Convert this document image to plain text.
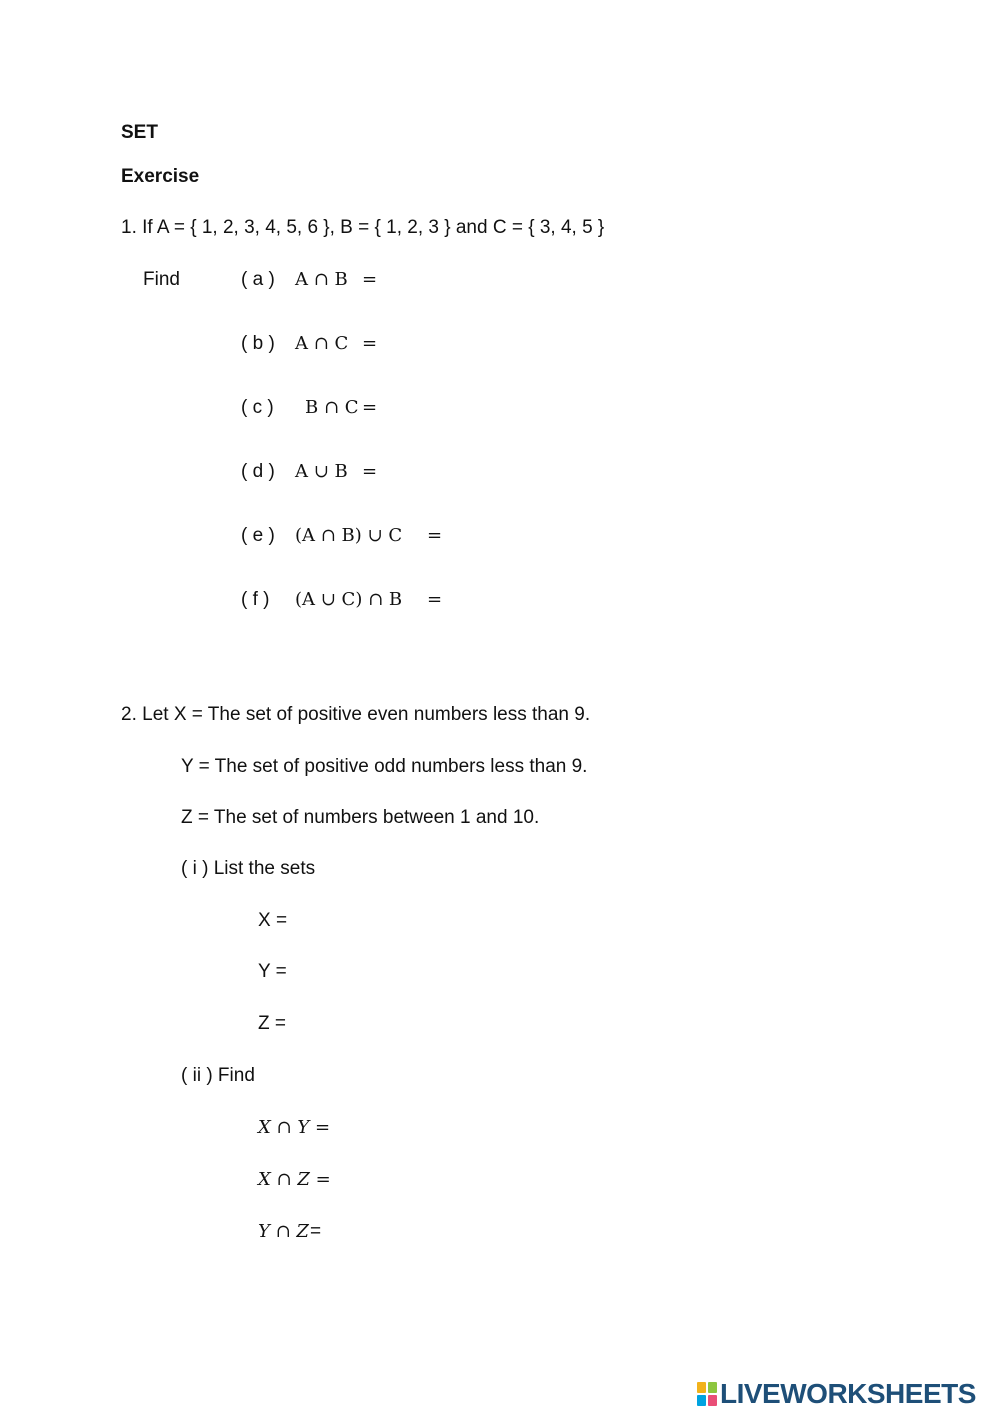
SET
Exercise
1. If A = { 1, 2, 3, 4, 5, 6 }, B = { 1, 2, 3 } and C = { 3, 4, 5 }
Find	( a ) A ∩ B =
( b ) A ∩ C =
( c ) B ∩ C =
( d ) A ∪ B =
( e ) (A ∩ B) ∪ C =
( f ) (A ∪ C) ∩ B =
2. Let X = The set of positive even numbers less than 9.
Y = The set of positive odd numbers less than 9.
Z = The set of numbers between 1 and 10.
( i ) List the sets
X =
Y =
Z =
( ii ) Find
X ∩ Y =
X ∩ Z =
Y ∩ Z =
LIVEWORKSHEETS
